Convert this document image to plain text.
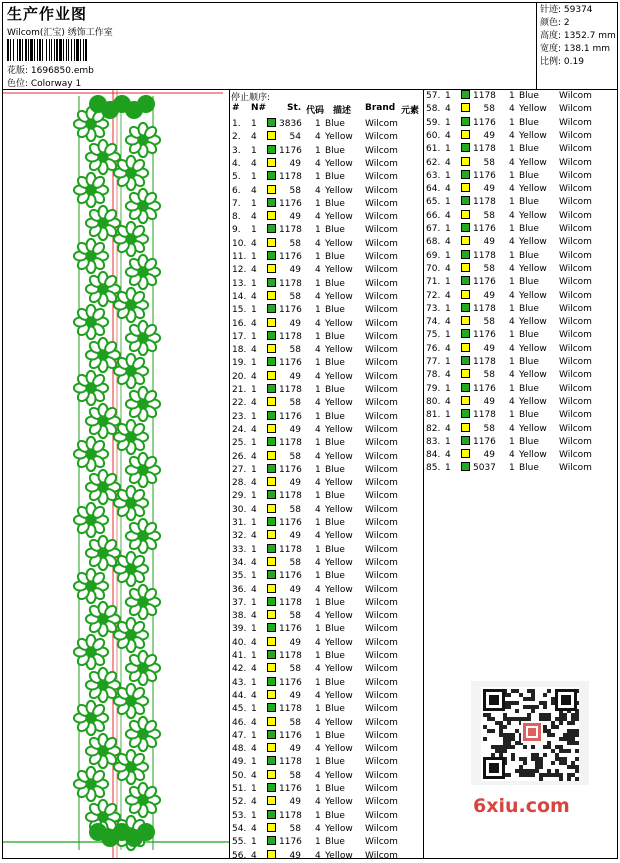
生产作业图
Wilcom(汇宝) 绣饰工作室
花版: 1696850.emb
色位: Colorway 1
针迹: 59374
颜色: 2
高度: 1352.7 mm
宽度: 138.1 mm
比例: 0.19
停止顺序:
# N# St. 代码 描述 Brand 元素
1. 1 3836 1 Blue Wilcom
2. 4	54 4 Yellow Wilcom
3. 1 1176 1 Blue Wilcom
4. 4	49 4 Yellow Wilcom
5. 1 1178 1 Blue Wilcom
6. 4	58 4 Yellow Wilcom
7. 1 1176 1 Blue Wilcom
8. 4	49 4 Yellow Wilcom
9. 1 1178 1 Blue Wilcom
10. 4	58 4 Yellow Wilcom
11. 1 1176 1 Blue Wilcom
12. 4	49 4 Yellow Wilcom
13. 1 1178 1 Blue Wilcom
14. 4	58 4 Yellow Wilcom
15. 1 1176 1 Blue Wilcom
16. 4	49 4 Yellow Wilcom
17. 1 1178 1 Blue Wilcom
18. 4	58 4 Yellow Wilcom
19. 1 1176 1 Blue Wilcom
20. 4	49 4 Yellow Wilcom
21. 1 1178 1 Blue Wilcom
22. 4	58 4 Yellow Wilcom
23. 1 1176 1 Blue Wilcom
24. 4	49 4 Yellow Wilcom
25. 1 1178 1 Blue Wilcom
26. 4	58 4 Yellow Wilcom
27. 1 1176 1 Blue Wilcom
28. 4	49 4 Yellow Wilcom
29. 1 1178 1 Blue Wilcom
30. 4	58 4 Yellow Wilcom
31. 1 1176 1 Blue Wilcom
32. 4	49 4 Yellow Wilcom
33. 1 1178 1 Blue Wilcom
34. 4	58 4 Yellow Wilcom
35. 1 1176 1 Blue Wilcom
36. 4	49 4 Yellow Wilcom
37. 1 1178 1 Blue Wilcom
38. 4	58 4 Yellow Wilcom
39. 1 1176 1 Blue Wilcom
40. 4	49 4 Yellow Wilcom
41. 1 1178 1 Blue Wilcom
42. 4	58 4 Yellow Wilcom
43. 1 1176 1 Blue Wilcom
44. 4	49 4 Yellow Wilcom
45. 1 1178 1 Blue Wilcom
46. 4	58 4 Yellow Wilcom
47. 1 1176 1 Blue Wilcom
48. 4	49 4 Yellow Wilcom
49. 1 1178 1 Blue Wilcom
50. 4	58 4 Yellow Wilcom
51. 1 1176 1 Blue Wilcom
52. 4	49 4 Yellow Wilcom
53. 1 1178 1 Blue Wilcom
54. 4	58 4 Yellow Wilcom
55. 1 1176 1 Blue Wilcom
56. 4	49 4 Yellow Wilcom
57. 1 1178 1 Blue Wilcom
58. 4	58 4 Yellow Wilcom
59. 1 1176 1 Blue Wilcom
60. 4	49 4 Yellow Wilcom
61. 1 1178 1 Blue Wilcom
62. 4	58 4 Yellow Wilcom
63. 1 1176 1 Blue Wilcom
64. 4	49 4 Yellow Wilcom
65. 1 1178 1 Blue Wilcom
66. 4	58 4 Yellow Wilcom
67. 1 1176 1 Blue Wilcom
68. 4	49 4 Yellow Wilcom
69. 1 1178 1 Blue Wilcom
70. 4	58 4 Yellow Wilcom
71. 1 1176 1 Blue Wilcom
72. 4	49 4 Yellow Wilcom
73. 1 1178 1 Blue Wilcom
74. 4	58 4 Yellow Wilcom
75. 1 1176 1 Blue Wilcom
76. 4	49 4 Yellow Wilcom
77. 1 1178 1 Blue Wilcom
78. 4	58 4 Yellow Wilcom
79. 1 1176 1 Blue Wilcom
80. 4	49 4 Yellow Wilcom
81. 1 1178 1 Blue Wilcom
82. 4	58 4 Yellow Wilcom
83. 1 1176 1 Blue Wilcom
84. 4	49 4 Yellow Wilcom
85. 1 5037 1 Blue Wilcom
6xiu.com
